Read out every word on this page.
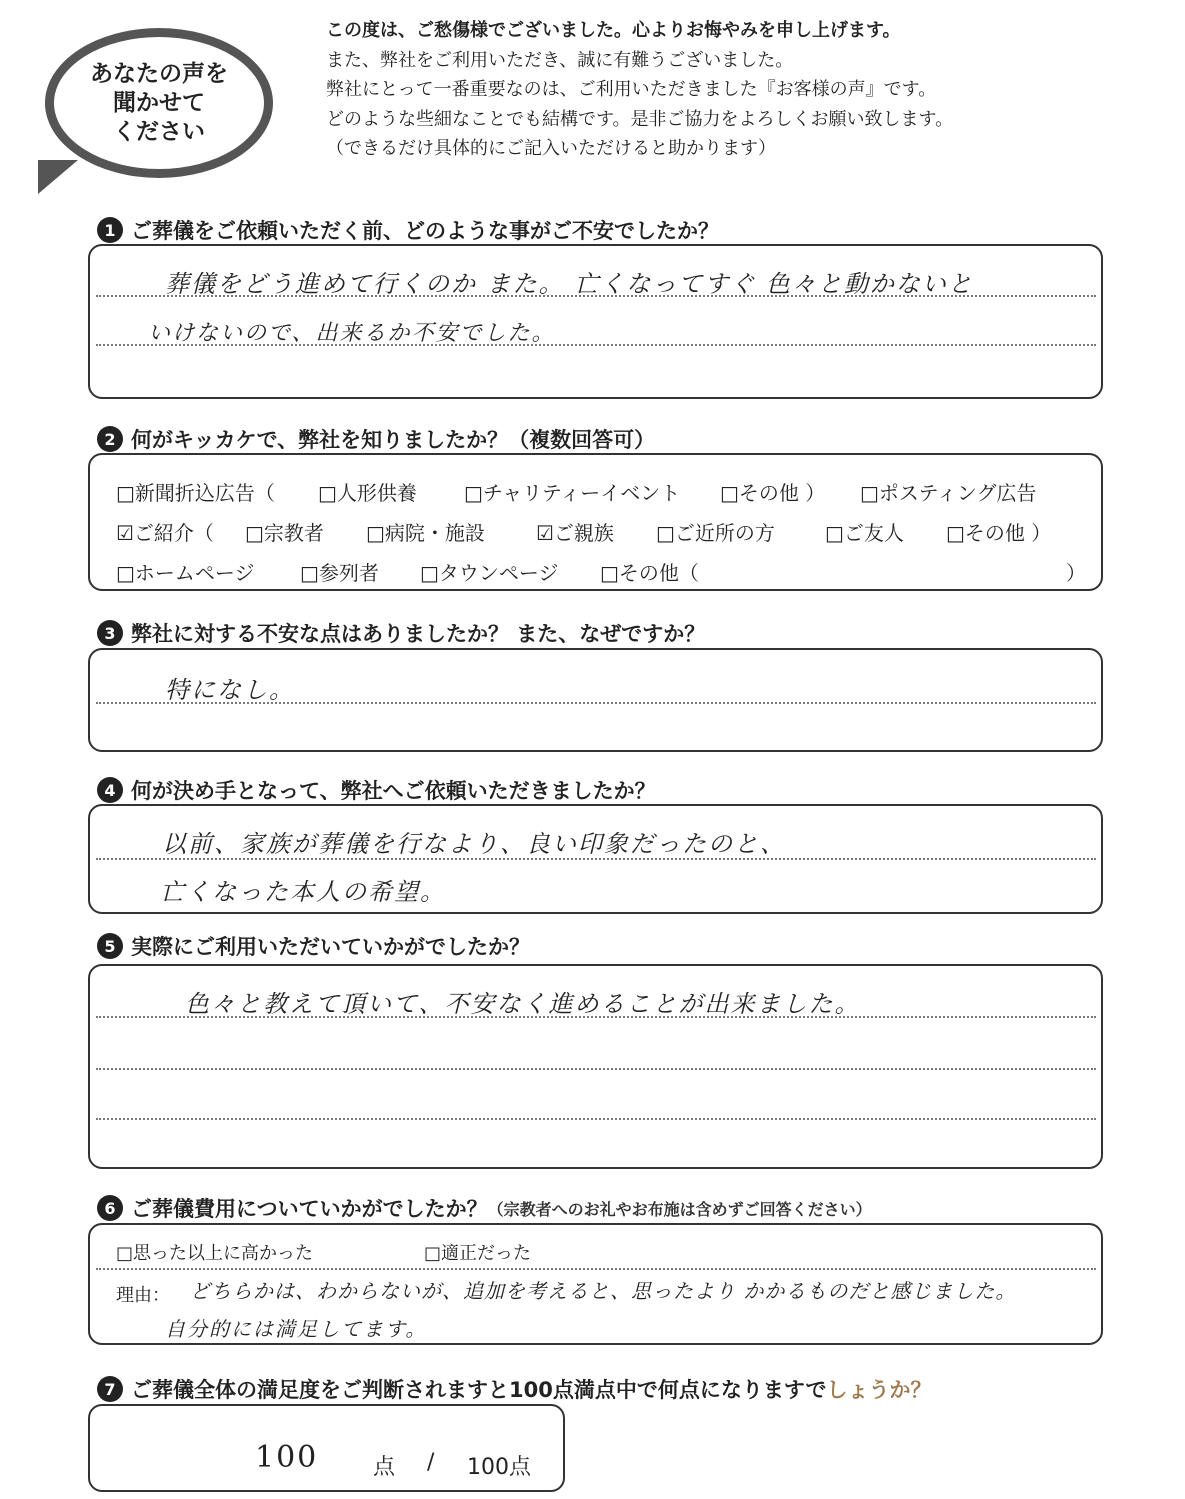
あなたの声を
聞かせて
ください
この度は、ご愁傷様でございました。心よりお悔やみを申し上げます。
また、弊社をご利用いただき、誠に有難うございました。
弊社にとって一番重要なのは、ご利用いただきました『お客様の声』です。
どのような些細なことでも結構です。是非ご協力をよろしくお願い致します。
（できるだけ具体的にご記入いただけると助かります）
1 ご葬儀をご依頼いただく前、どのような事がご不安でしたか？
葬儀をどう進めて行くのか また。 亡くなってすぐ 色々と動かないと
いけないので、出来るか不安でした。
2 何がキッカケで、弊社を知りましたか？（複数回答可）
□新聞折込広告（ □人形供養 □チャリティーイベント □その他 ） □ポスティング広告
☑ご紹介（ □宗教者 □病院・施設	☑ご親族 □ご近所の方	□ご友人 □その他 ）
□ホームページ □参列者 □タウンページ □その他（	）
3 弊社に対する不安な点はありましたか？ また、なぜですか？
特になし。
4 何が決め手となって、弊社へご依頼いただきましたか？
以前、家族が葬儀を行なより、良い印象だったのと、
亡くなった本人の希望。
5 実際にご利用いただいていかがでしたか？
色々と教えて頂いて、不安なく進めることが出来ました。
6 ご葬儀費用についていかがでしたか？ （宗教者へのお礼やお布施は含めずご回答ください）
□思った以上に高かった	□適正だった
理由： どちらかは、わからないが、追加を考えると、思ったより かかるものだと感じました。
自分的には満足してます。
7 ご葬儀全体の満足度をご判断されますと100点満点中で何点になりますで しょうか？
100 点 / 100点
